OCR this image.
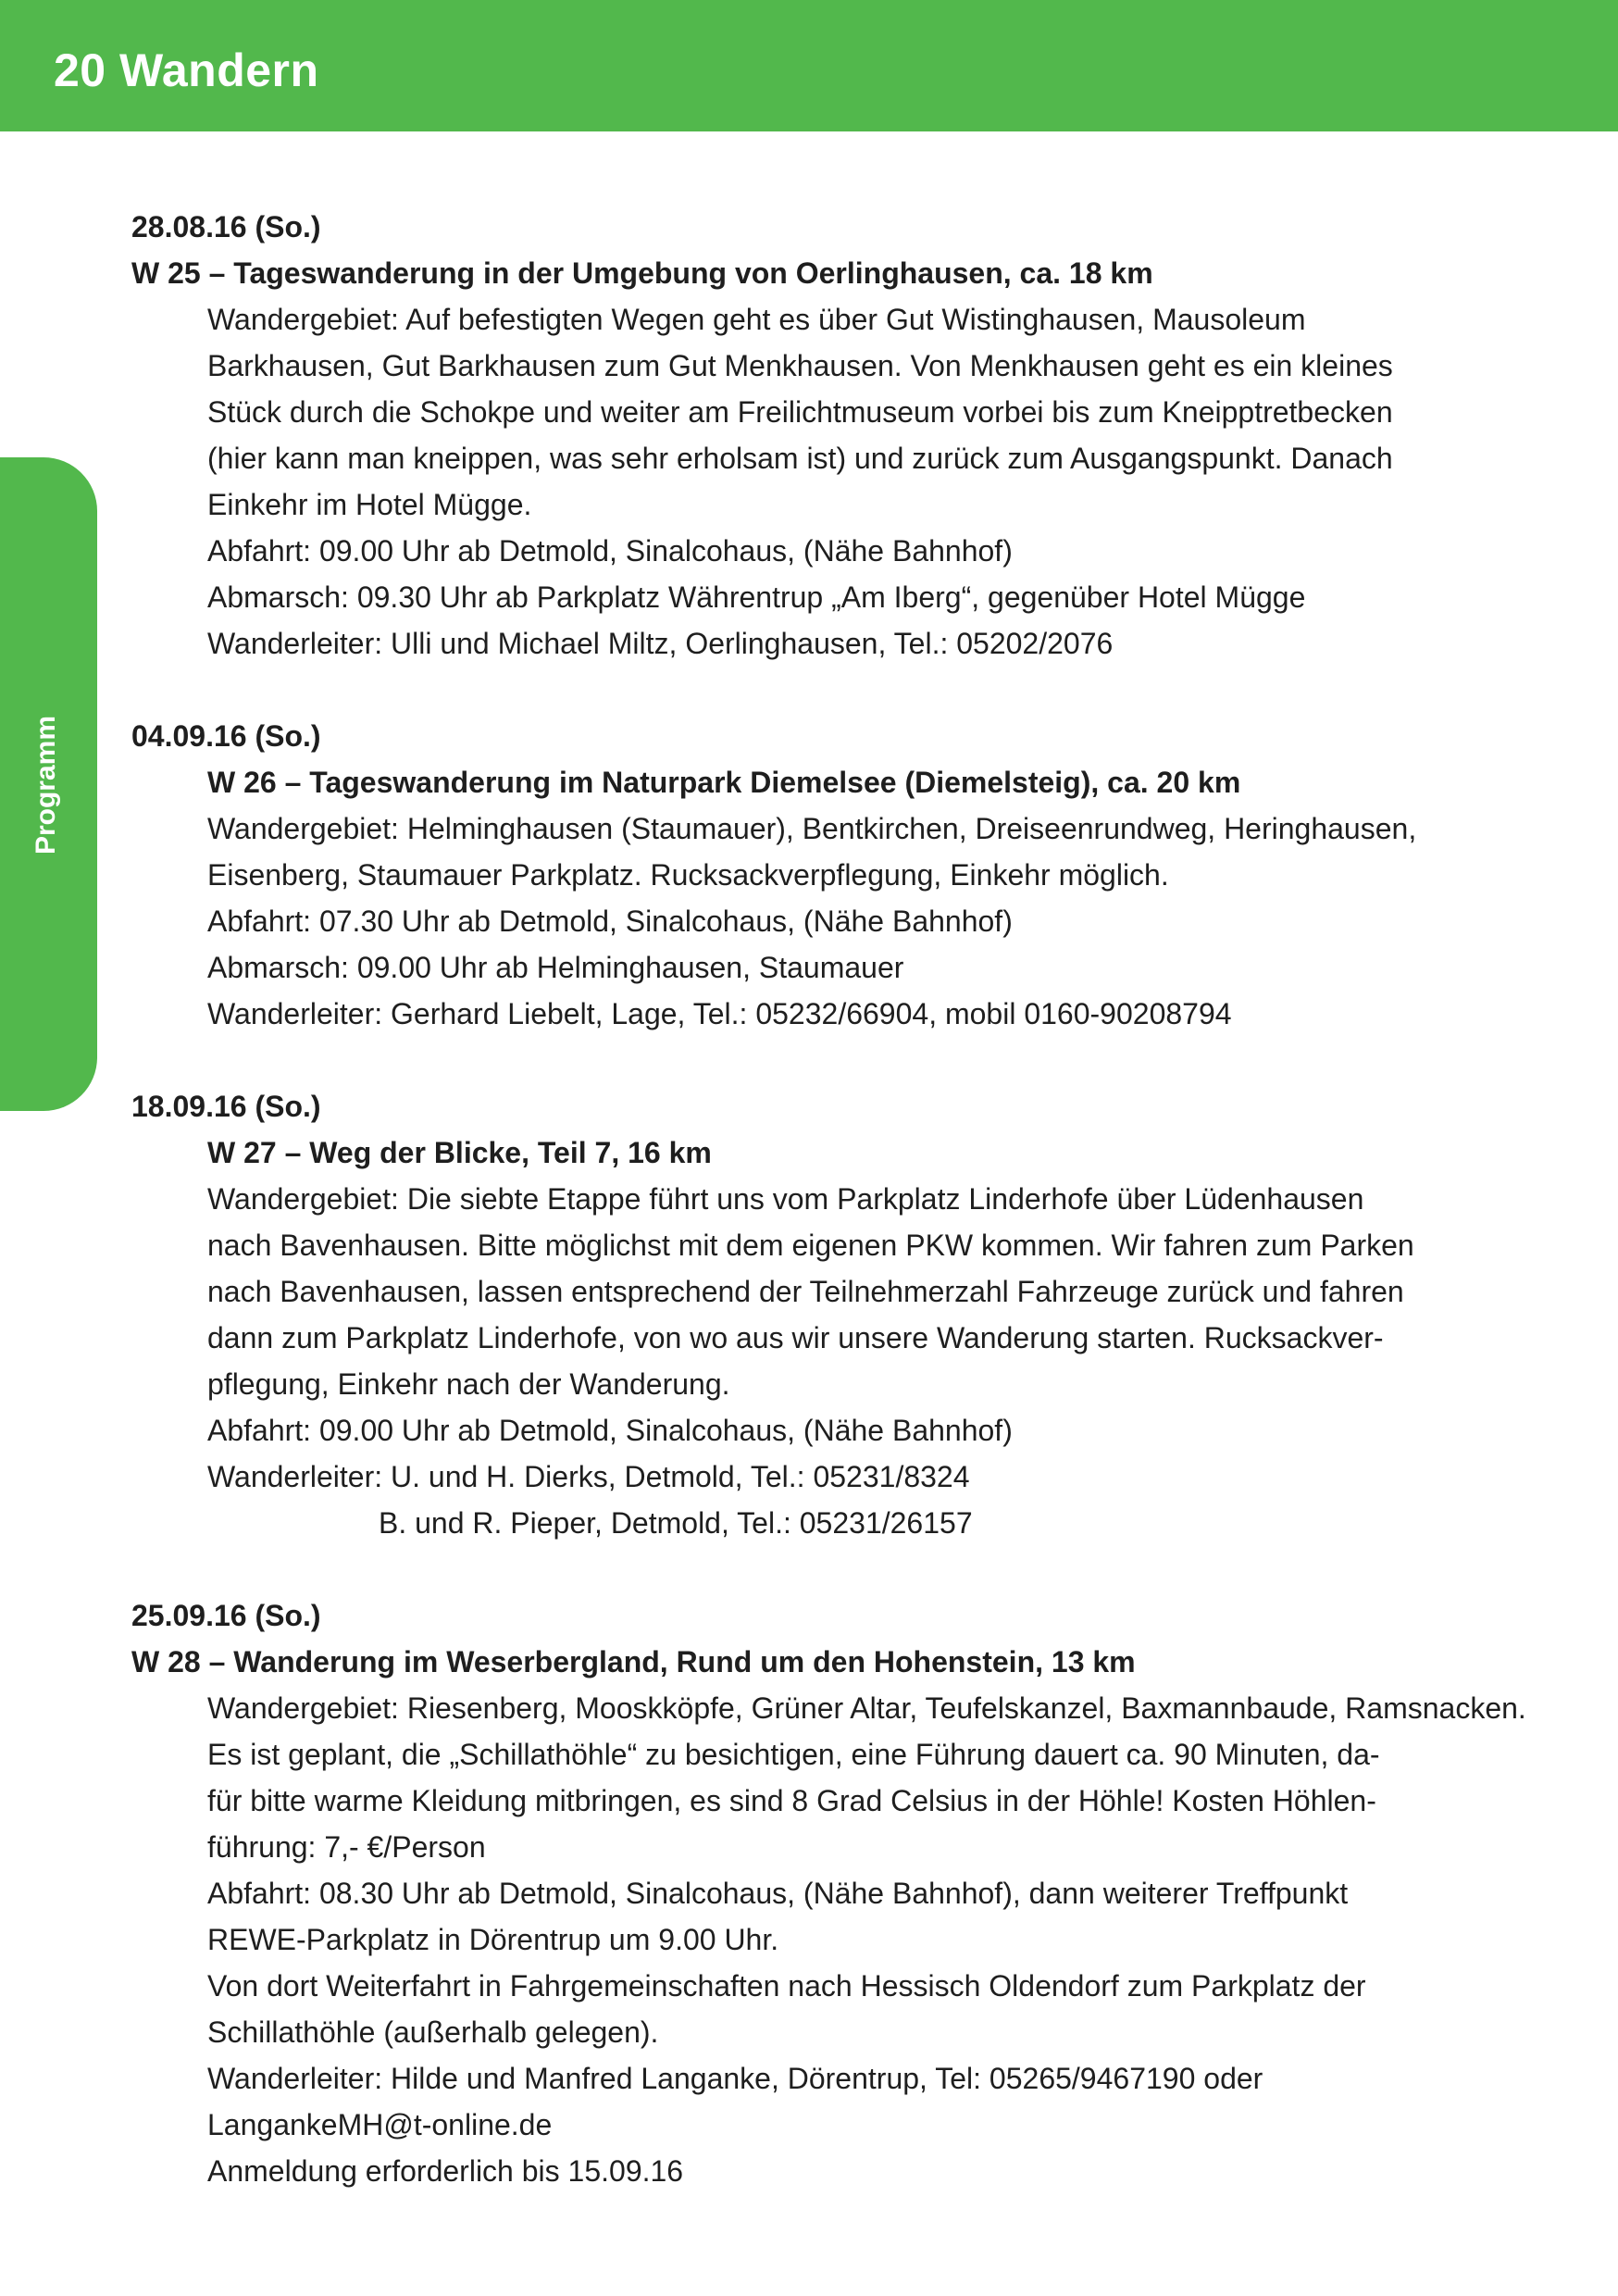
20 Wandern
Programm
28.08.16 (So.)
W 25 – Tageswanderung in der Umgebung von Oerlinghausen, ca. 18 km
Wandergebiet: Auf befestigten Wegen geht es über Gut Wistinghausen, Mausoleum
Barkhausen, Gut Barkhausen zum Gut Menkhausen. Von Menkhausen geht es ein kleines
Stück durch die Schokpe und weiter am Freilichtmuseum vorbei bis zum Kneipptretbecken
(hier kann man kneippen, was sehr erholsam ist) und zurück zum Ausgangspunkt. Danach
Einkehr im Hotel Mügge.
Abfahrt: 09.00 Uhr ab Detmold, Sinalcohaus, (Nähe Bahnhof)
Abmarsch: 09.30 Uhr ab Parkplatz Währentrup „Am Iberg“, gegenüber Hotel Mügge
Wanderleiter: Ulli und Michael Miltz, Oerlinghausen, Tel.: 05202/2076
04.09.16 (So.)
W 26 – Tageswanderung im Naturpark Diemelsee (Diemelsteig), ca. 20 km
Wandergebiet: Helminghausen (Staumauer), Bentkirchen, Dreiseenrundweg, Heringhausen,
Eisenberg, Staumauer Parkplatz. Rucksackverpflegung, Einkehr möglich.
Abfahrt: 07.30 Uhr ab Detmold, Sinalcohaus, (Nähe Bahnhof)
Abmarsch: 09.00 Uhr ab Helminghausen, Staumauer
Wanderleiter: Gerhard Liebelt, Lage, Tel.: 05232/66904, mobil 0160-90208794
18.09.16 (So.)
W 27 – Weg der Blicke, Teil 7, 16 km
Wandergebiet: Die siebte Etappe führt uns vom Parkplatz Linderhofe über Lüdenhausen
nach Bavenhausen. Bitte möglichst mit dem eigenen PKW kommen. Wir fahren zum Parken
nach Bavenhausen, lassen entsprechend der Teilnehmerzahl Fahrzeuge zurück und fahren
dann zum Parkplatz Linderhofe, von wo aus wir unsere Wanderung starten. Rucksackver-
pflegung, Einkehr nach der Wanderung.
Abfahrt: 09.00 Uhr ab Detmold, Sinalcohaus, (Nähe Bahnhof)
Wanderleiter: U. und H. Dierks, Detmold, Tel.: 05231/8324
B. und R. Pieper, Detmold, Tel.: 05231/26157
25.09.16 (So.)
W 28 – Wanderung im Weserbergland, Rund um den Hohenstein, 13 km
Wandergebiet: Riesenberg, Mooskköpfe, Grüner Altar, Teufelskanzel, Baxmannbaude, Ramsnacken.
Es ist geplant, die „Schillathöhle“ zu besichtigen, eine Führung dauert ca. 90 Minuten, da-
für bitte warme Kleidung mitbringen, es sind 8 Grad Celsius in der Höhle! Kosten Höhlen-
führung: 7,- €/Person
Abfahrt: 08.30 Uhr ab Detmold, Sinalcohaus, (Nähe Bahnhof), dann weiterer Treffpunkt
REWE-Parkplatz in Dörentrup um 9.00 Uhr.
Von dort Weiterfahrt in Fahrgemeinschaften nach Hessisch Oldendorf zum Parkplatz der
Schillathöhle (außerhalb gelegen).
Wanderleiter: Hilde und Manfred Langanke, Dörentrup, Tel: 05265/9467190 oder
LangankeMH@t-online.de
Anmeldung erforderlich bis 15.09.16
